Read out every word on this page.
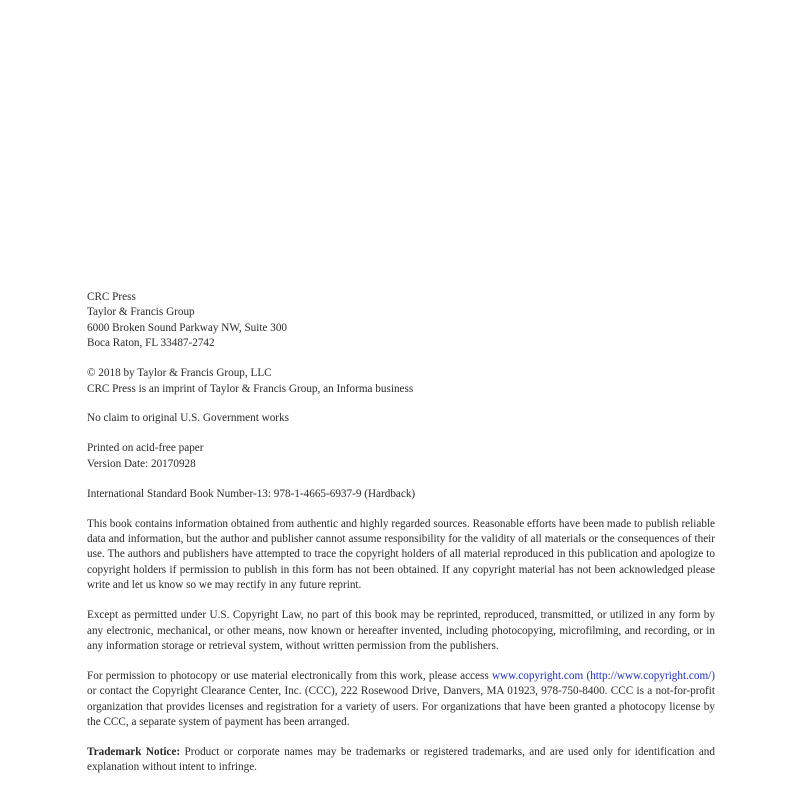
CRC Press
Taylor & Francis Group
6000 Broken Sound Parkway NW, Suite 300
Boca Raton, FL 33487-2742
© 2018 by Taylor & Francis Group, LLC
CRC Press is an imprint of Taylor & Francis Group, an Informa business
No claim to original U.S. Government works
Printed on acid-free paper
Version Date: 20170928
International Standard Book Number-13: 978-1-4665-6937-9 (Hardback)
This book contains information obtained from authentic and highly regarded sources. Reasonable efforts have been made to publish reliable data and information, but the author and publisher cannot assume responsibility for the validity of all materials or the consequences of their use. The authors and publishers have attempted to trace the copyright holders of all material reproduced in this publication and apologize to copyright holders if permission to publish in this form has not been obtained. If any copyright material has not been acknowledged please write and let us know so we may rectify in any future reprint.
Except as permitted under U.S. Copyright Law, no part of this book may be reprinted, reproduced, transmitted, or utilized in any form by any electronic, mechanical, or other means, now known or hereafter invented, including photocopying, microfilming, and recording, or in any information storage or retrieval system, without written permission from the publishers.
For permission to photocopy or use material electronically from this work, please access www.copyright.com (http://www.copyright.com/) or contact the Copyright Clearance Center, Inc. (CCC), 222 Rosewood Drive, Danvers, MA 01923, 978-750-8400. CCC is a not-for-profit organization that provides licenses and registration for a variety of users. For organizations that have been granted a photocopy license by the CCC, a separate system of payment has been arranged.
Trademark Notice: Product or corporate names may be trademarks or registered trademarks, and are used only for identification and explanation without intent to infringe.
